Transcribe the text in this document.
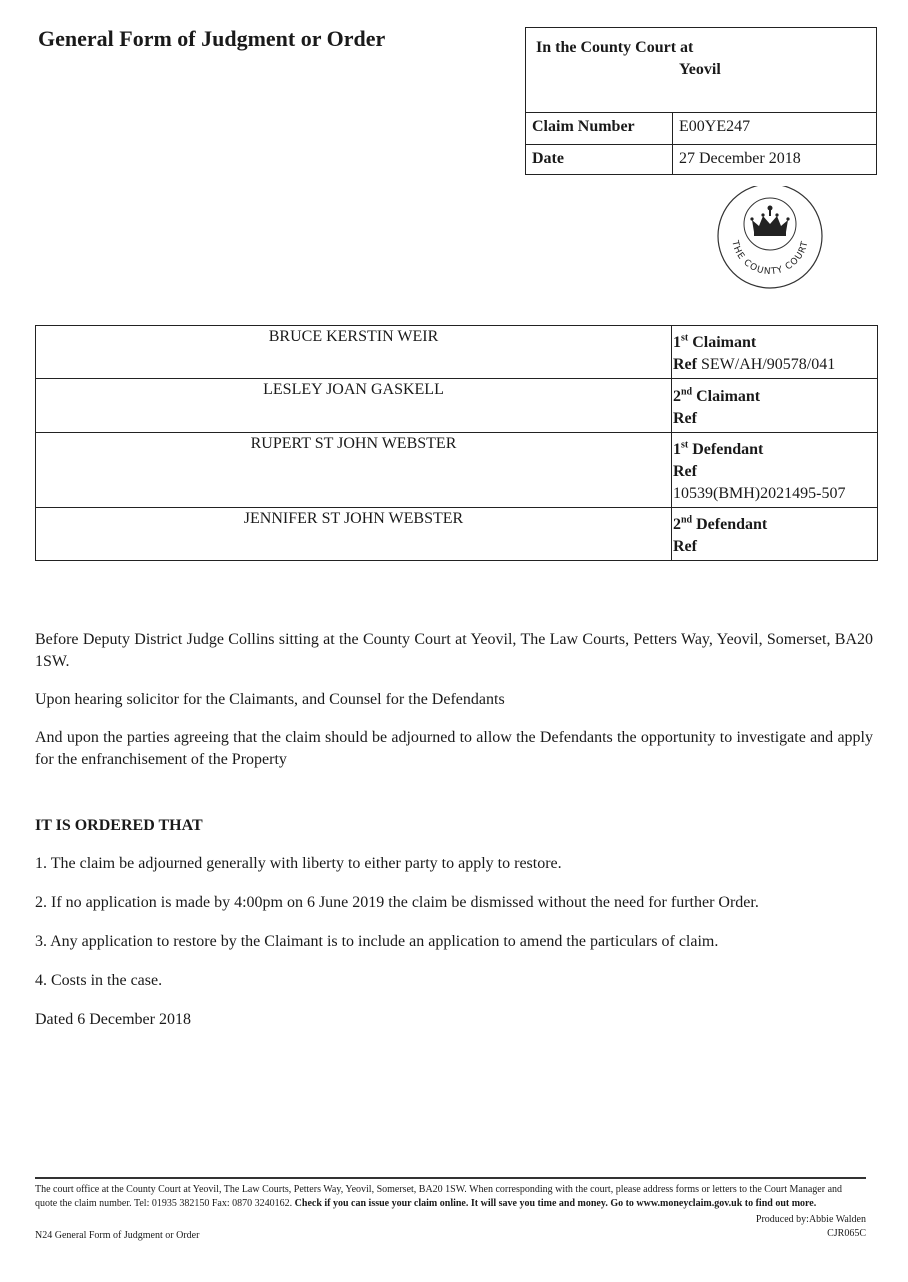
General Form of Judgment or Order	In the County Court at
Yeovil
Claim Number	E00YE247
Date	27 December 2018
THE COUNTY COURT
BRUCE KERSTIN WEIR	1st Claimant
Ref SEW/AH/90578/041
LESLEY JOAN GASKELL	2nd Claimant
Ref
RUPERT ST JOHN WEBSTER	1st Defendant
Ref
10539(BMH)2021495-507
JENNIFER ST JOHN WEBSTER	2nd Defendant
Ref

Before Deputy District Judge Collins sitting at the County Court at Yeovil, The Law Courts, Petters Way, Yeovil, Somerset, BA20 1SW.

Upon hearing solicitor for the Claimants, and Counsel for the Defendants

And upon the parties agreeing that the claim should be adjourned to allow the Defendants the opportunity to investigate and apply for the enfranchisement of the Property

IT IS ORDERED THAT

1. The claim be adjourned generally with liberty to either party to apply to restore.

2. If no application is made by 4:00pm on 6 June 2019 the claim be dismissed without the need for further Order.

3. Any application to restore by the Claimant is to include an application to amend the particulars of claim.

4. Costs in the case.

Dated 6 December 2018

The court office at the County Court at Yeovil, The Law Courts, Petters Way, Yeovil, Somerset, BA20 1SW. When corresponding with the court, please address forms or letters to the Court Manager and quote the claim number. Tel: 01935 382150 Fax: 0870 3240162. Check if you can issue your claim online. It will save you time and money. Go to www.moneyclaim.gov.uk to find out more.

N24 General Form of Judgment or Order
Produced by:Abbie Walden
CJR065C
